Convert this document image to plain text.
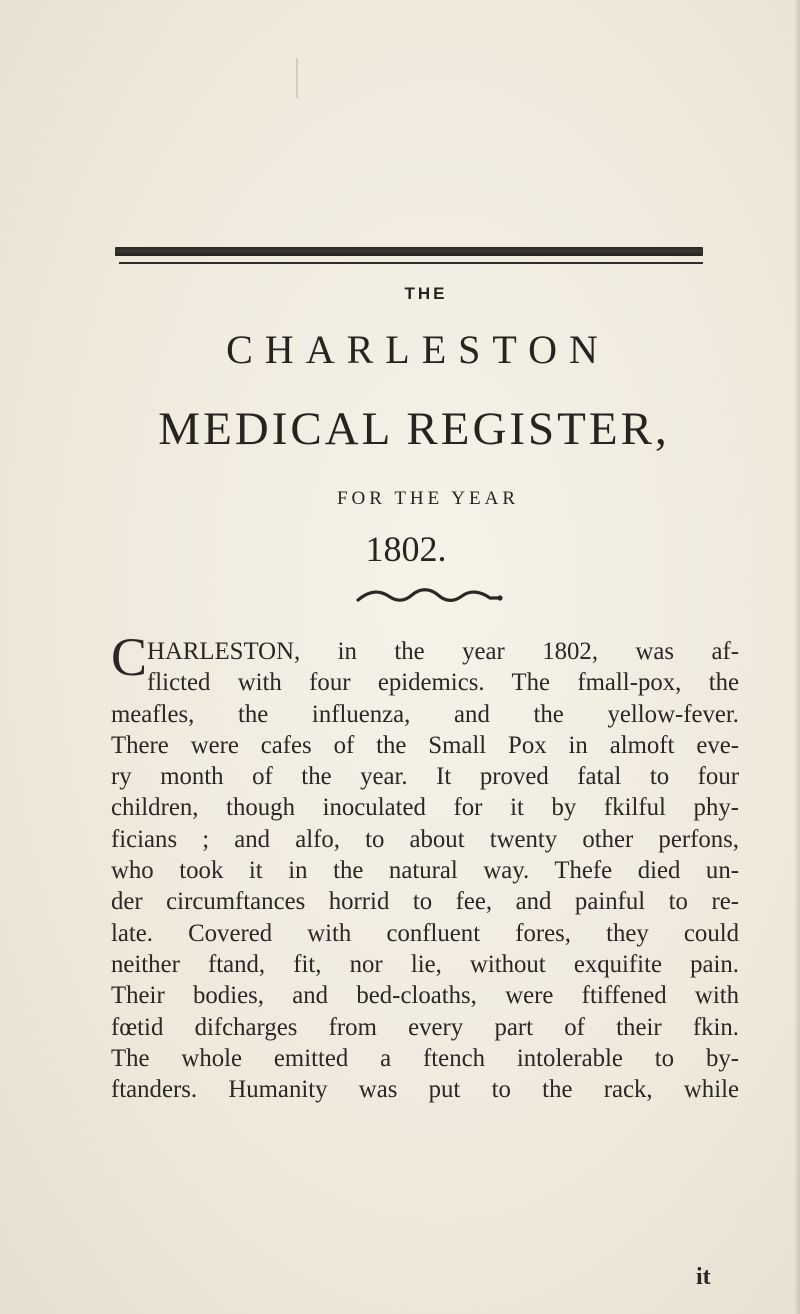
THE
CHARLESTON
MEDICAL REGISTER,
FOR THE YEAR
1802.
C HARLESTON, in the year 1802, was af-
flicted with four epidemics. The fmall-pox, the
meafles, the influenza, and the yellow-fever.
There were cafes of the Small Pox in almoft eve-
ry month of the year. It proved fatal to four
children, though inoculated for it by fkilful phy-
ficians ; and alfo, to about twenty other perfons,
who took it in the natural way. Thefe died un-
der circumftances horrid to fee, and painful to re-
late. Covered with confluent fores, they could
neither ftand, fit, nor lie, without exquifite pain.
Their bodies, and bed-cloaths, were ftiffened with
fœtid difcharges from every part of their fkin.
The whole emitted a ftench intolerable to by-
ftanders. Humanity was put to the rack, while
it
